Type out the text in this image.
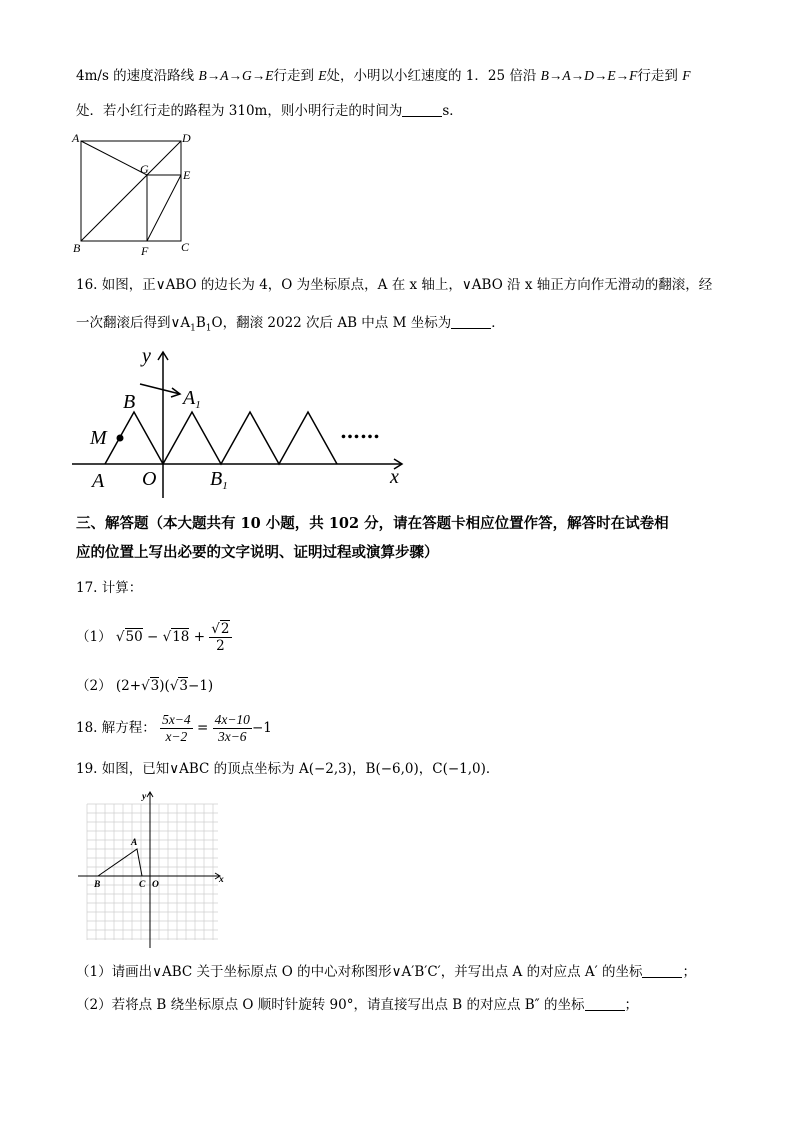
4m/s 的速度沿路线 B→A→G→E行走到 E处，小明以小红速度的 1．25 倍沿 B→A→D→E→F行走到 F
处．若小红行走的路程为 310m，则小明行走的时间为	s．
A	D
G	E
B	F	C
16. 如图，正∨ABO 的边长为 4，O 为坐标原点，A 在 x 轴上，∨ABO 沿 x 轴正方向作无滑动的翻滚，经
一次翻滚后得到$\vee A_1B_1O$，翻滚 2022 次后 AB 中点 M 坐标为	．
y
x
B $A_1$
M
A O	$B_1$
……
三、解答题（本大题共有 10 小题，共 102 分，请在答题卡相应位置作答，解答时在试卷相
应的位置上写出必要的文字说明、证明过程或演算步骤）
17. 计算：
（1） $√50 - √18 + \frac{√2}{2}$
（2） (2+√3)(√3−1)
18. 解方程： $\frac{5x-4}{x-2} = \frac{4x-10}{3x-6} -1$
19. 如图，已知∨ABC 的顶点坐标为 A(−2,3)，B(−6,0)，C(−1,0)．
y
x
A
B	C O
（1）请画出∨ABC 关于坐标原点 O 的中心对称图形∨A′B′C′，并写出点 A 的对应点 A′ 的坐标	；
（2）若将点 B 绕坐标原点 O 顺时针旋转 90°，请直接写出点 B 的对应点 B″ 的坐标	；
